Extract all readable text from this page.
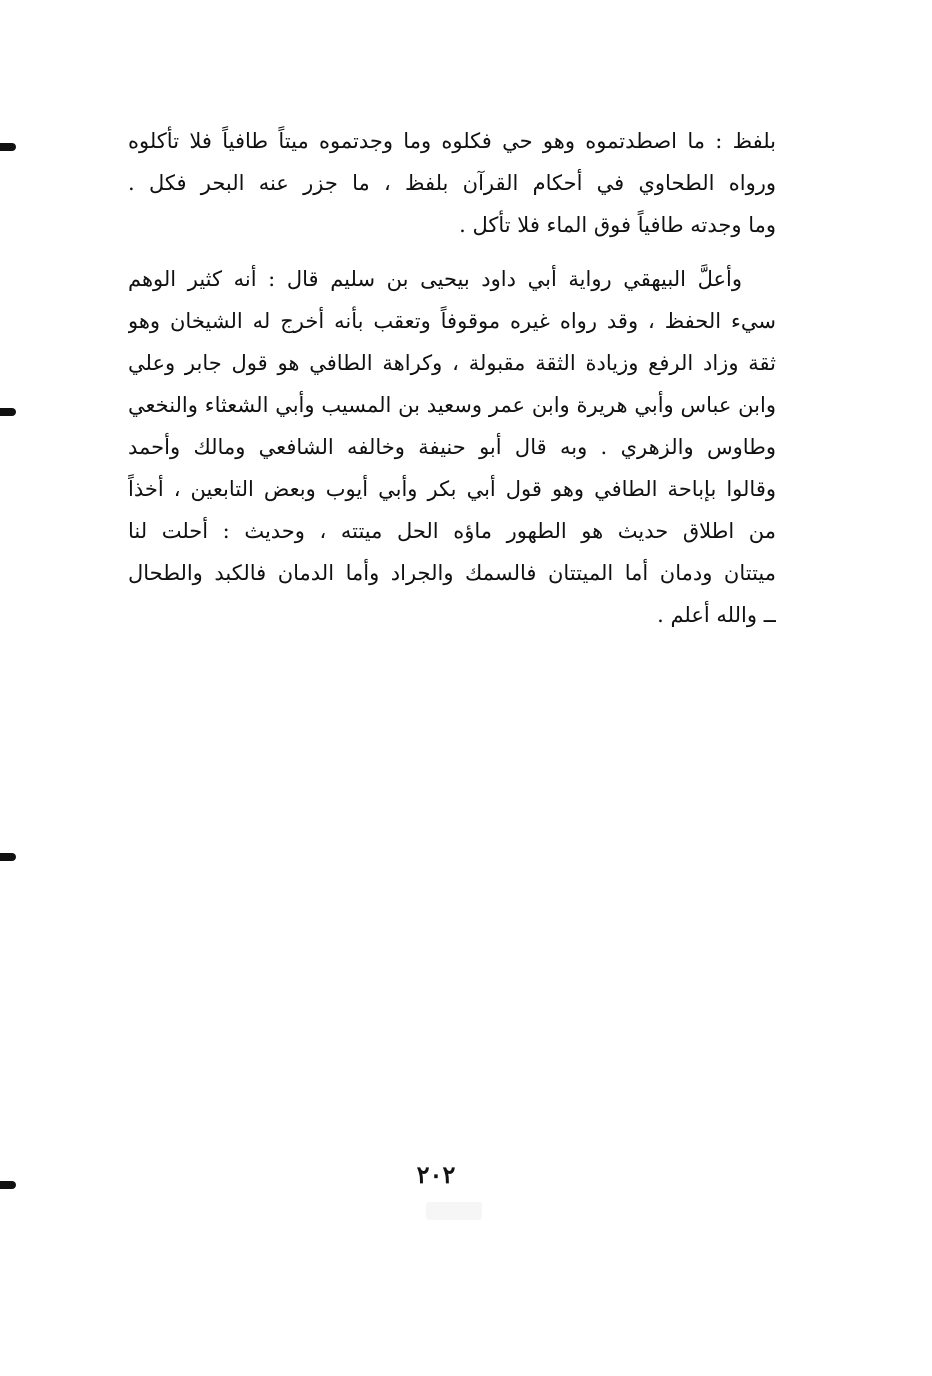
بلفظ : ما اصطدتموه وهو حي فكلوه وما وجدتموه ميتاً طافياً فلا تأكلوه
ورواه الطحاوي في أحكام القرآن بلفظ ، ما جزر عنه البحر فكل .
وما وجدته طافياً فوق الماء فلا تأكل .
وأعلَّ البيهقي رواية أبي داود بيحيى بن سليم قال : أنه كثير الوهم
سيء الحفظ ، وقد رواه غيره موقوفاً وتعقب بأنه أخرج له الشيخان وهو
ثقة وزاد الرفع وزيادة الثقة مقبولة ، وكراهة الطافي هو قول جابر وعلي
وابن عباس وأبي هريرة وابن عمر وسعيد بن المسيب وأبي الشعثاء والنخعي
وطاوس والزهري . وبه قال أبو حنيفة وخالفه الشافعي ومالك وأحمد
وقالوا بإباحة الطافي وهو قول أبي بكر وأبي أيوب وبعض التابعين ، أخذاً
من اطلاق حديث هو الطهور ماؤه الحل ميتته ، وحديث : أحلت لنا
ميتتان ودمان أما الميتتان فالسمك والجراد وأما الدمان فالكبد والطحال
ــ والله أعلم .
٢٠٢
